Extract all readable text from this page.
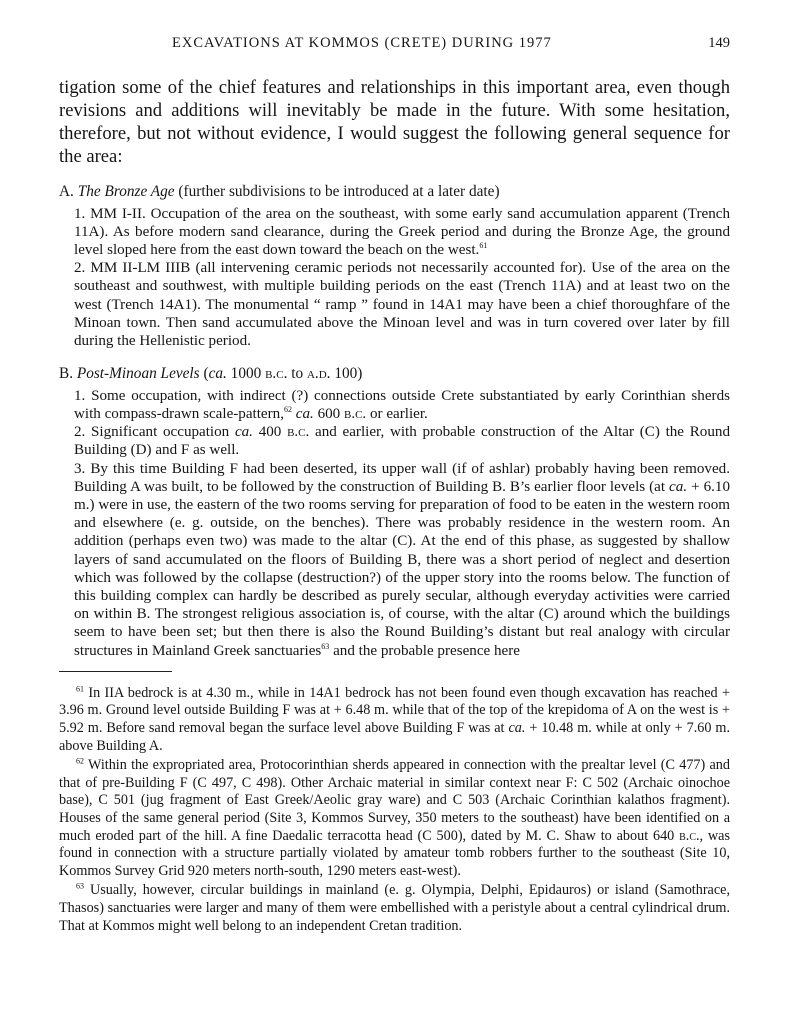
EXCAVATIONS AT KOMMOS (CRETE) DURING 1977	149

tigation some of the chief features and relationships in this important area, even though revisions and additions will inevitably be made in the future. With some hesitation, therefore, but not without evidence, I would suggest the following general sequence for the area:

A. The Bronze Age (further subdivisions to be introduced at a later date)
1. MM I-II. Occupation of the area on the southeast, with some early sand accumulation apparent (Trench 11A). As before modern sand clearance, during the Greek period and during the Bronze Age, the ground level sloped here from the east down toward the beach on the west.$^{61}$
2. MM II-LM IIIB (all intervening ceramic periods not necessarily accounted for). Use of the area on the southeast and southwest, with multiple building periods on the east (Trench 11A) and at least two on the west (Trench 14A1). The monumental “ ramp ” found in 14A1 may have been a chief thoroughfare of the Minoan town. Then sand accumulated above the Minoan level and was in turn covered over later by fill during the Hellenistic period.
B. Post-Minoan Levels (ca. 1000 b.c. to a.d. 100)
1. Some occupation, with indirect (?) connections outside Crete substantiated by early Corinthian sherds with compass-drawn scale-pattern,$^{62}$ ca. 600 b.c. or earlier.
2. Significant occupation ca. 400 b.c. and earlier, with probable construction of the Altar (C) the Round Building (D) and F as well.
3. By this time Building F had been deserted, its upper wall (if of ashlar) probably having been removed. Building A was built, to be followed by the construction of Building B. B’s earlier floor levels (at ca. + 6.10 m.) were in use, the eastern of the two rooms serving for preparation of food to be eaten in the western room and elsewhere (e. g. outside, on the benches). There was probably residence in the western room. An addition (perhaps even two) was made to the altar (C). At the end of this phase, as suggested by shallow layers of sand accumulated on the floors of Building B, there was a short period of neglect and desertion which was followed by the collapse (destruction?) of the upper story into the rooms below. The function of this building complex can hardly be described as purely secular, although everyday activities were carried on within B. The strongest religious association is, of course, with the altar (C) around which the buildings seem to have been set; but then there is also the Round Building’s distant but real analogy with circular structures in Mainland Greek sanctuaries$^{63}$ and the probable presence here

$^{61}$ In IIA bedrock is at 4.30 m., while in 14A1 bedrock has not been found even though excavation has reached + 3.96 m. Ground level outside Building F was at + 6.48 m. while that of the top of the krepidoma of A on the west is + 5.92 m. Before sand removal began the surface level above Building F was at ca. + 10.48 m. while at only + 7.60 m. above Building A.

$^{62}$ Within the expropriated area, Protocorinthian sherds appeared in connection with the prealtar level (C 477) and that of pre-Building F (C 497, C 498). Other Archaic material in similar context near F: C 502 (Archaic oinochoe base), C 501 (jug fragment of East Greek/Aeolic gray ware) and C 503 (Archaic Corinthian kalathos fragment). Houses of the same general period (Site 3, Kommos Survey, 350 meters to the southeast) have been identified on a much eroded part of the hill. A fine Daedalic terracotta head (C 500), dated by M. C. Shaw to about 640 b.c., was found in connection with a structure partially violated by amateur tomb robbers further to the southeast (Site 10, Kommos Survey Grid 920 meters north-south, 1290 meters east-west).

$^{63}$ Usually, however, circular buildings in mainland (e. g. Olympia, Delphi, Epidauros) or island (Samothrace, Thasos) sanctuaries were larger and many of them were embellished with a peristyle about a central cylindrical drum. That at Kommos might well belong to an independent Cretan tradition.
